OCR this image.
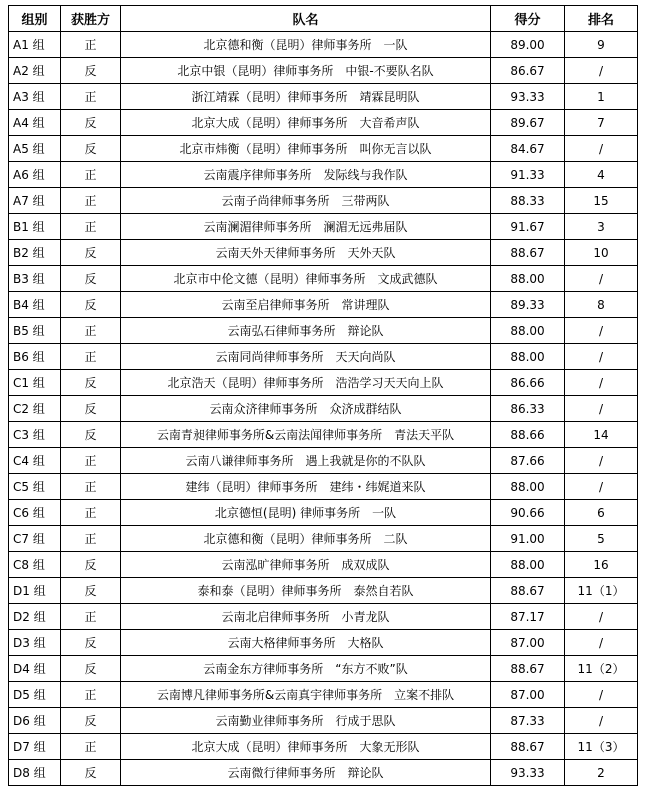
组别	获胜方	队名	得分	排名
A1 组	正	北京德和衡（昆明）律师事务所　一队	89.00	9
A2 组	反	北京中银（昆明）律师事务所　中银-不要队名队	86.67	/
A3 组	正	浙江靖霖（昆明）律师事务所　靖霖昆明队	93.33	1
A4 组	反	北京大成（昆明）律师事务所　大音希声队	89.67	7
A5 组	反	北京市炜衡（昆明）律师事务所　叫你无言以队	84.67	/
A6 组	正	云南震序律师事务所　发际线与我作队	91.33	4
A7 组	正	云南子尚律师事务所　三带两队	88.33	15
B1 组	正	云南澜湄律师事务所　澜湄无远弗届队	91.67	3
B2 组	反	云南天外天律师事务所　天外天队	88.67	10
B3 组	反	北京市中伦文德（昆明）律师事务所　文成武德队	88.00	/
B4 组	反	云南至启律师事务所　常讲理队	89.33	8
B5 组	正	云南弘石律师事务所　辩论队	88.00	/
B6 组	正	云南同尚律师事务所　天天向尚队	88.00	/
C1 组	反	北京浩天（昆明）律师事务所　浩浩学习天天向上队	86.66	/
C2 组	反	云南众济律师事务所　众济成群结队	86.33	/
C3 组	反	云南青昶律师事务所&云南法闻律师事务所　青法天平队	88.66	14
C4 组	正	云南八谦律师事务所　遇上我就是你的不队队	87.66	/
C5 组	正	建纬（昆明）律师事务所　建纬・纬娓道来队	88.00	/
C6 组	正	北京德恒(昆明) 律师事务所　一队	90.66	6
C7 组	正	北京德和衡（昆明）律师事务所　二队	91.00	5
C8 组	反	云南泓旷律师事务所　成双成队	88.00	16
D1 组	反	泰和泰（昆明）律师事务所　泰然自若队	88.67	11（1）
D2 组	正	云南北启律师事务所　小青龙队	87.17	/
D3 组	反	云南大格律师事务所　大格队	87.00	/
D4 组	反	云南金东方律师事务所　“东方不败”队	88.67	11（2）
D5 组	正	云南博凡律师事务所&云南真宇律师事务所　立案不排队	87.00	/
D6 组	反	云南勤业律师事务所　行成于思队	87.33	/
D7 组	正	北京大成（昆明）律师事务所　大象无形队	88.67	11（3）
D8 组	反	云南微行律师事务所　辩论队	93.33	2
